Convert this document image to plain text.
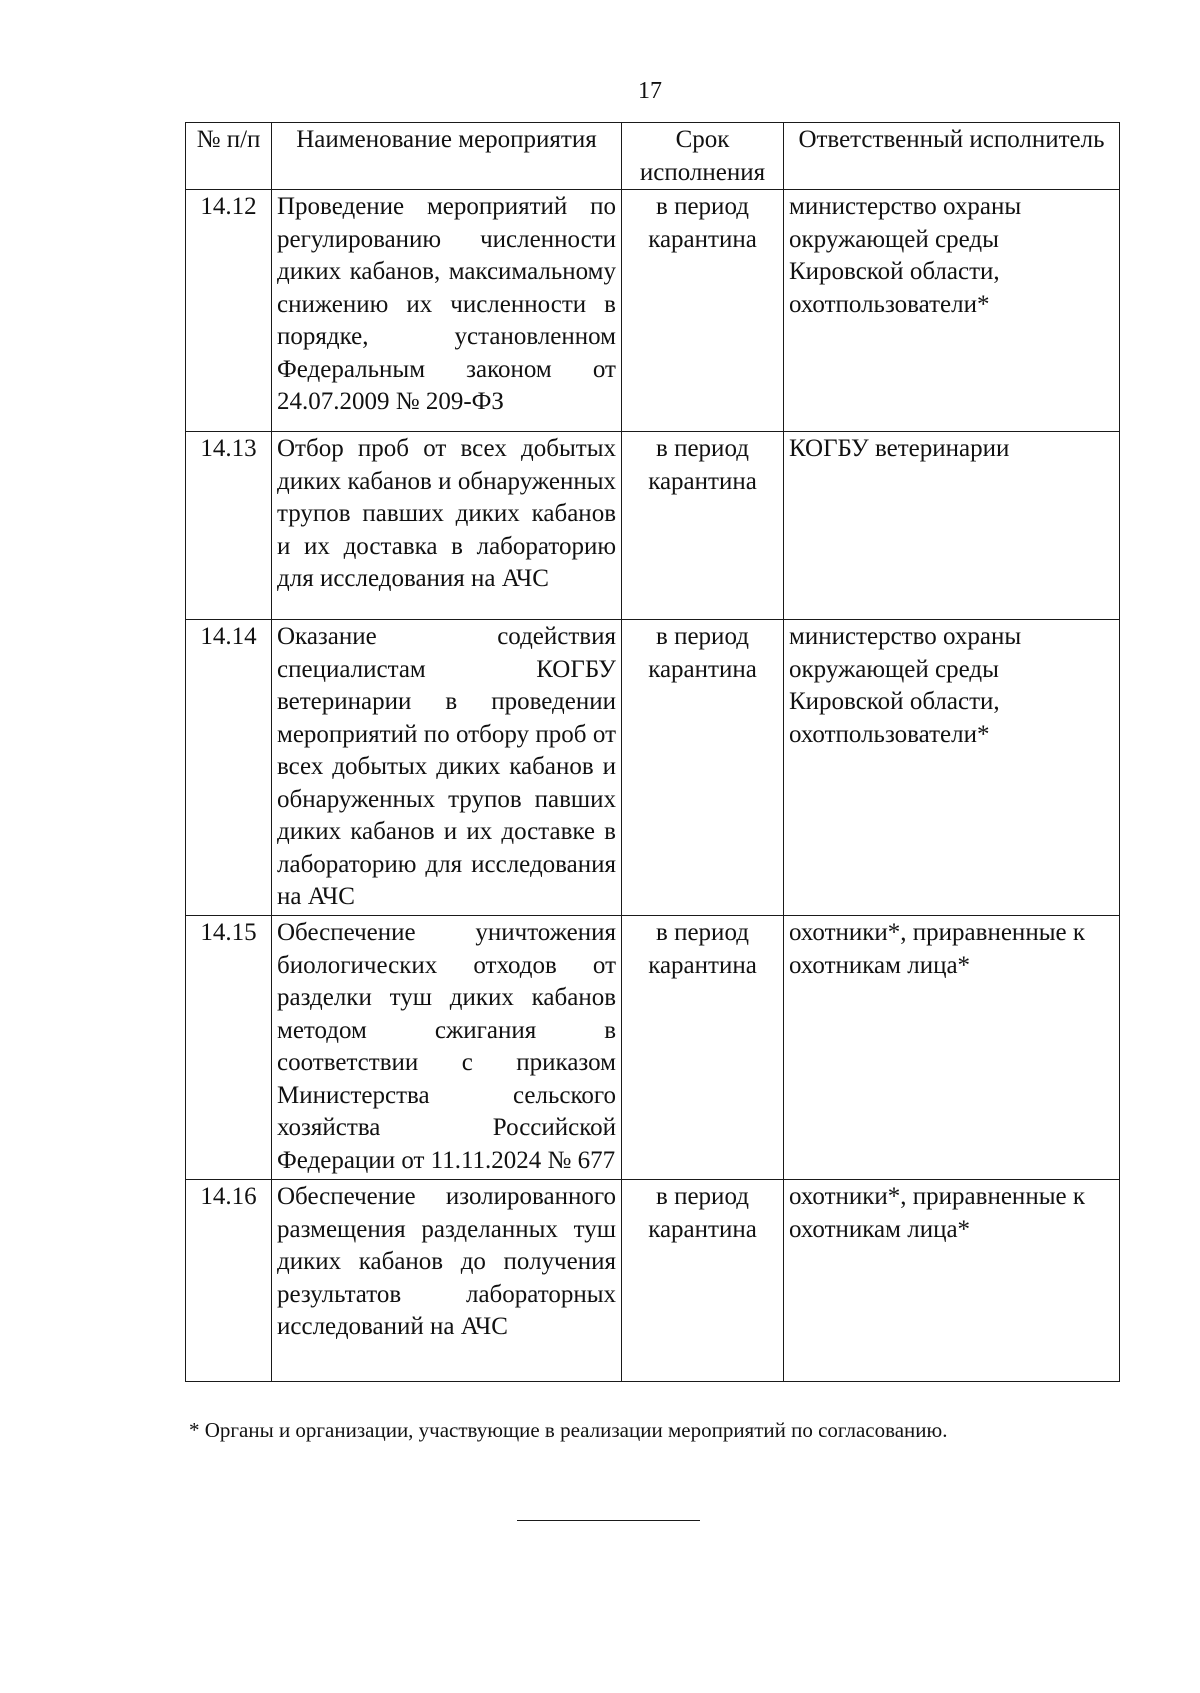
17
№ п/п	Наименование мероприятия	Срок исполнения	Ответственный исполнитель
14.12	Проведение мероприятий по регулированию численности диких кабанов, максимальному снижению их численности в порядке, установленном Федеральным законом от 24.07.2009 № 209-ФЗ	в период карантина	министерство охраны окружающей среды Кировской области, охотпользователи*
14.13	Отбор проб от всех добытых диких кабанов и обнаруженных трупов павших диких кабанов и их доставка в лабораторию для исследования на АЧС	в период карантина	КОГБУ ветеринарии
14.14	Оказание содействия специалистам КОГБУ ветеринарии в проведении мероприятий по отбору проб от всех добытых диких кабанов и обнаруженных трупов павших диких кабанов и их доставке в лабораторию для исследования на АЧС	в период карантина	министерство охраны окружающей среды Кировской области, охотпользователи*
14.15	Обеспечение уничтожения биологических отходов от разделки туш диких кабанов методом сжигания в соответствии с приказом Министерства сельского хозяйства Российской Федерации от 11.11.2024 № 677	в период карантина	охотники*, приравненные к охотникам лица*
14.16	Обеспечение изолированного размещения разделанных туш диких кабанов до получения результатов лабораторных исследований на АЧС	в период карантина	охотники*, приравненные к охотникам лица*
* Органы и организации, участвующие в реализации мероприятий по согласованию.
